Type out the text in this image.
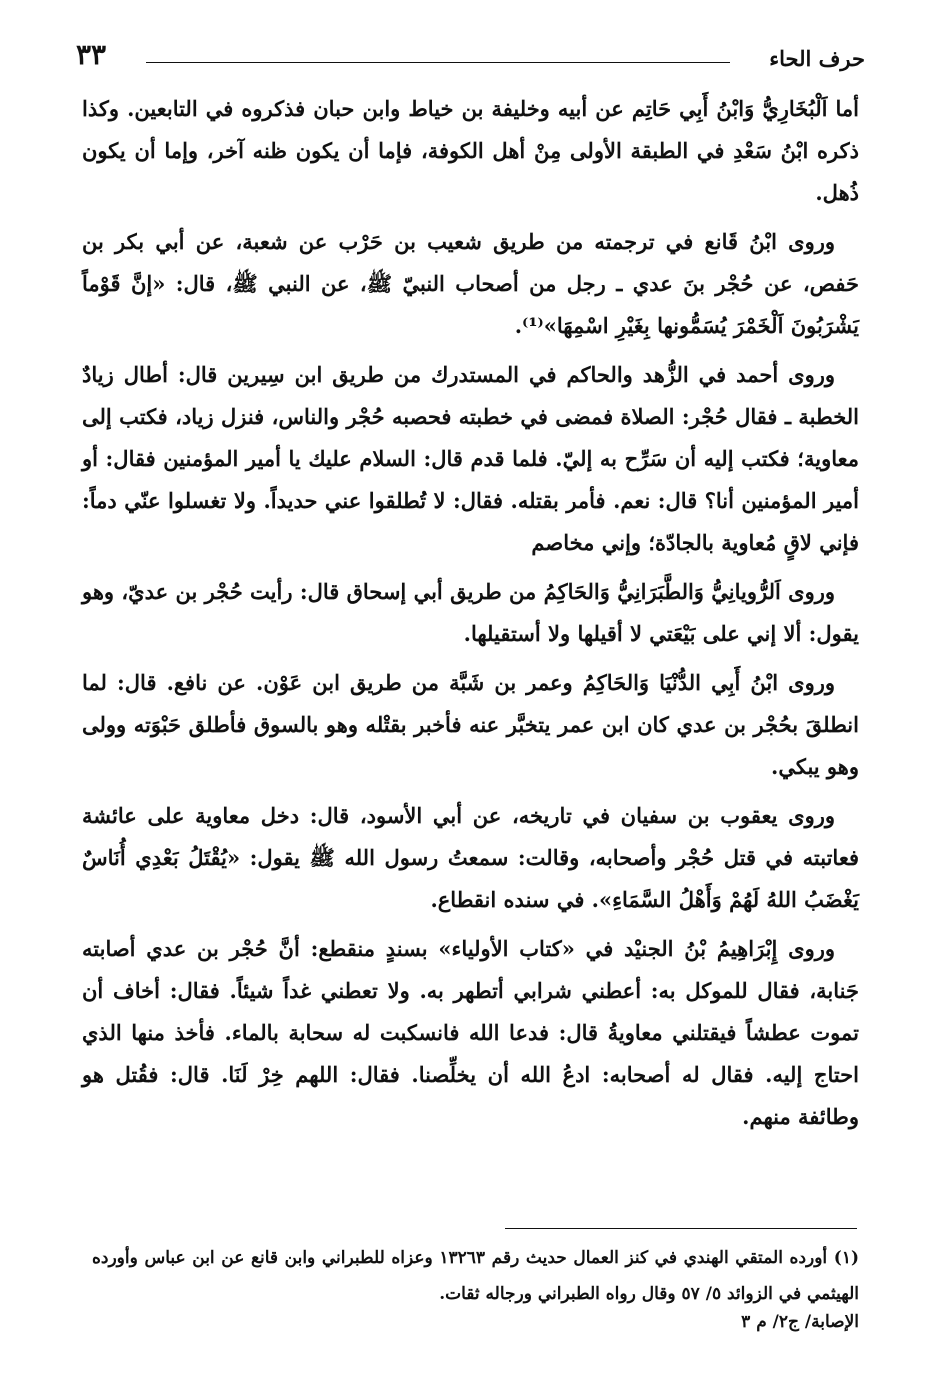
حرف الحاء
٣٣

أما اَلْبُخَارِيُّ وَابْنُ أَبِي حَاتِم عن أبيه وخليفة بن خياط وابن حبان فذكروه في التابعين. وكذا ذكره ابْنُ سَعْدِ في الطبقة الأولى مِنْ أهل الكوفة، فإما أن يكون ظنه آخر، وإما أن يكون ذُهل.

وروى ابْنُ قَانع في ترجمته من طريق شعيب بن حَرْب عن شعبة، عن أبي بكر بن حَفص، عن حُجْر بنَ عدي ـ رجل من أصحاب النبيّ ﷺ، عن النبي ﷺ، قال: «إنَّ قَوْماً يَشْرَبُونَ اَلْخَمْرَ يُسَمُّونها بِغَيْرِ اسْمِهَا»⁽¹⁾.

وروى أحمد في الزُّهد والحاكم في المستدرك من طريق ابن سِيرين قال: أطال زيادٌ الخطبة ـ فقال حُجْر: الصلاة فمضى في خطبته فحصبه حُجْر والناس، فنزل زياد، فكتب إلى معاوية؛ فكتب إليه أن سَرِّح به إليّ. فلما قدم قال: السلام عليك يا أمير المؤمنين فقال: أو أمير المؤمنين أنا؟ قال: نعم. فأمر بقتله. فقال: لا تُطلقوا عني حديداً. ولا تغسلوا عنّي دماً: فإني لاقٍ مُعاوية بالجادّة؛ وإني مخاصم

وروى اَلرُّويانِيُّ وَالطَّبَرَانِيُّ وَالحَاكِمُ من طريق أبي إسحاق قال: رأيت حُجْر بن عديّ، وهو يقول: ألا إني على بَيْعَتي لا أقيلها ولا أستقيلها.

وروى ابْنُ أَبِي الدُّنْيَا وَالحَاكِمُ وعمر بن شَبَّة من طريق ابن عَوْن. عن نافع. قال: لما انطلقَ بحُجْر بن عدي كان ابن عمر يتخبَّر عنه فأخبر بقتْله وهو بالسوق فأطلق حَبْوَته وولى وهو يبكي.

وروى يعقوب بن سفيان في تاريخه، عن أبي الأسود، قال: دخل معاوية على عائشة فعاتبته في قتل حُجْر وأصحابه، وقالت: سمعتُ رسول الله ﷺ يقول: «يُقْتَلُ بَعْدِي أُنَاسٌ يَغْضَبُ اللهُ لَهُمْ وَأَهْلُ السَّمَاءِ». في سنده انقطاع.

وروى إِبْرَاهِيمُ بْنُ الجنيْد في «كتاب الأولياء» بسندٍ منقطع: أنَّ حُجْر بن عدي أصابته جَنابة، فقال للموكل به: أعطني شرابي أتطهر به. ولا تعطني غداً شيئاً. فقال: أخاف أن تموت عطشاً فيقتلني معاويةُ قال: فدعا الله فانسكبت له سحابة بالماء. فأخذ منها الذي احتاج إليه. فقال له أصحابه: ادعُ الله أن يخلِّصنا. فقال: اللهم خِرْ لَنَا. قال: فقُتل هو وطائفة منهم.

(١) أورده المتقي الهندي في كنز العمال حديث رقم ١٣٢٦٣ وعزاه للطبراني وابن قانع عن ابن عباس وأورده الهيثمي في الزوائد ٥/ ٥٧ وقال رواه الطبراني ورجاله ثقات.

الإصابة/ ج٢/ م ٣
